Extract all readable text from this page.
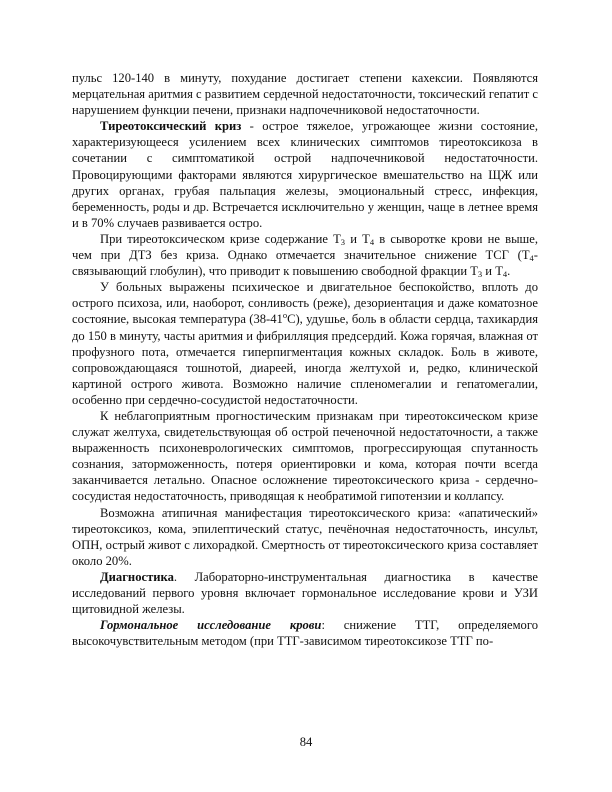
пульс 120-140 в минуту, похудание достигает степени кахексии. Появляются мерцательная аритмия с развитием сердечной недостаточности, токсический гепатит с нарушением функции печени, признаки надпочечниковой недостаточности.

Тиреотоксический криз - острое тяжелое, угрожающее жизни состояние, характеризующееся усилением всех клинических симптомов тиреотоксикоза в сочетании с симптоматикой острой надпочечниковой недостаточности. Провоцирующими факторами являются хирургическое вмешательство на ЩЖ или других органах, грубая пальпация железы, эмоциональный стресс, инфекция, беременность, роды и др. Встречается исключительно у женщин, чаще в летнее время и в 70% случаев развивается остро.

При тиреотоксическом кризе содержание $Т_3$ и $Т_4$ в сыворотке крови не выше, чем при ДТЗ без криза. Однако отмечается значительное снижение ТСГ ($Т_4$-связывающий глобулин), что приводит к повышению свободной фракции $Т_3$ и $Т_4$.

У больных выражены психическое и двигательное беспокойство, вплоть до острого психоза, или, наоборот, сонливость (реже), дезориентация и даже коматозное состояние, высокая температура $(38-41^оС)$, удушье, боль в области сердца, тахикардия до 150 в минуту, часты аритмия и фибрилляция предсердий. Кожа горячая, влажная от профузного пота, отмечается гиперпигментация кожных складок. Боль в животе, сопровождающаяся тошнотой, диареей, иногда желтухой и, редко, клинической картиной острого живота. Возможно наличие спленомегалии и гепатомегалии, особенно при сердечно-сосудистой недостаточности.

К неблагоприятным прогностическим признакам при тиреотоксическом кризе служат желтуха, свидетельствующая об острой печеночной недостаточности, а также выраженность психоневрологических симптомов, прогрессирующая спутанность сознания, заторможенность, потеря ориентировки и кома, которая почти всегда заканчивается летально. Опасное осложнение тиреотоксического криза - сердечно-сосудистая недостаточность, приводящая к необратимой гипотензии и коллапсу.

Возможна атипичная манифестация тиреотоксического криза: «апатический» тиреотоксикоз, кома, эпилептический статус, печёночная недостаточность, инсульт, ОПН, острый живот с лихорадкой. Смертность от тиреотоксического криза составляет около 20%.

Диагностика. Лабораторно-инструментальная диагностика в качестве исследований первого уровня включает гормональное исследование крови и УЗИ щитовидной железы.

Гормональное исследование крови: снижение ТТГ, определяемого высокочувствительным методом (при ТТГ-зависимом тиреотоксикозе ТТГ по-

84
